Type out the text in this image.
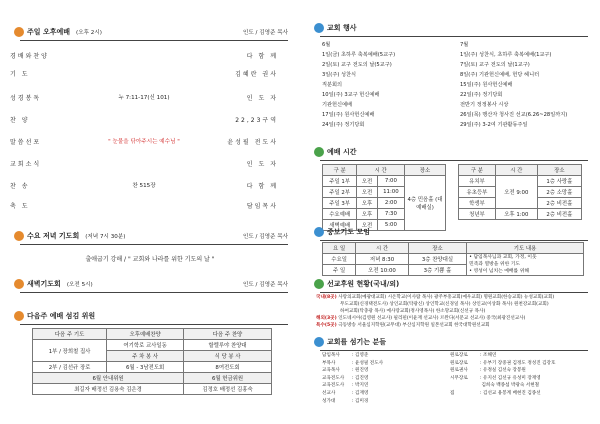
주일 오후예배 (오후 2시)	인도 / 김영준 목사
경배와찬양	다 함 께
기 도	김혜란 권사
성경봉독	누 7:11-17(신 101)	인 도 자
찬 양	22,23구역
말씀선포	" 눈물을 닦아주시는 예수님 "	윤성필 전도사
교회소식	인 도 자
찬 송	찬 515장	다 함 께
축 도	담임목사
수요 저녁 기도회 (저녁 7시 30분)	인도 / 김영준 목사
출애굽기 강해 / " 교회와 나라를 위한 기도의 날 "
새벽기도회 (오전 5시)	인도 / 김영준 목사
다음주 예배 섬김 위원
다음 주 기도	오후예배찬양	다음 주 찬양
1부 / 장희철 집사	여기학로 교사일동	할렐루야 찬양대
	주 차 봉 사	식 당 봉 사
2부 / 김선규 장로	6월 - 3남전도회	8여전도회
6월 안내위원		6월 헌금위원
최길자 배정선 김용숙 김은경		김정호 배정선 김홍숙
교회 행사
6월	7월
1일(금) 초하루 축복예배(5교구)
2일(토) 교구 전도의 날(5교구)
3일(주) 성찬식
직분회의
10일(주) 3교구 헌신예배
기관헌신예배
17일(주) 원사헌신예배
24일(주) 정기당회
1일(주) 성찬식, 초하루 축복예배(1교구)
7일(토) 교구 전도의 날(1교구)
8일(주) 기관헌신예배, 헌당 헤니터
15일(주) 원사헌신예배
22일(주) 정기당회
전반기 정정봉사 시상
26일(목) 맹산자 청사진 선교(6.26~28일까지)
29일(주) 3-2여 기관활동주일
예배 시간
구 분	시 간		장소
주일 1부	오전	7:00	4층 민음홀 (대예배실)
주일 2부	오전	11:00	
주일 3부	오후	2:00	
수요예배	오후	7:30	
새벽예배	오전	5:00	
구 분	시 간	장소
유치부	오전 9:00	1층 사랑홀
유초등부		2층 소망홀
학생부		2층 비전홀
청년부	오후 1:00	2층 비전홀
중보기도 모임
요 일	시 간	장소	기도 내용
수요일	저녁 8:30	3층 찬양대실	• 담임목사님과 교회, 가정, 이웃
민족과 열방을 위한 기도
• 영성이 넘치는 예배를 위해

주 일	오전 10:00	3층 기쁨 홀	
선교후원 현황(국내/외)
국내(8곳) 사랑의교회(예광대교회) 시온학교(이사람 목사) 광주부흥교회(예우교회) 명원교회(한승교회) 뉴성교회(교회)
무도교회(신경택전도사) 상인교회(탁광신) 상인학교(신경일 목사) 상인교(이상화 목사) 원천강교회(교회)
하여교회(탁충광 목사) 예사랑교회(정사영목사) 한소망교회(신선규 목사)
해외(3곳) 인도네시아(김영원 선교사) 필리핀(이윤재 선교사) 르완다(서문교 선교사) 중국(최광진선교사)
특수(5곳) 극동방송 서울심지학원(교무대) 부산심지학원 일본선교회 한국대학원선교회
교회를 섬기는 분들
담임목사	: 김영준
부목사	: 윤성필 전도사
교육목사	: 원진영
교육전도사 : 김진영
교육전도사 : 박지연
선교사	: 김재영
성가대	: 김미경
원로장로	: 조해연
원로장로	: 유부기 장중권 김정도 정성진 김강호
원로권사	: 유정실 김선숙 장봉원
시무장로	: 유지선 김선규 유성미 장재영
김희숙 백종섭 박광숙 서현철
집	: 김선교 용봉계 배현진 김종선
